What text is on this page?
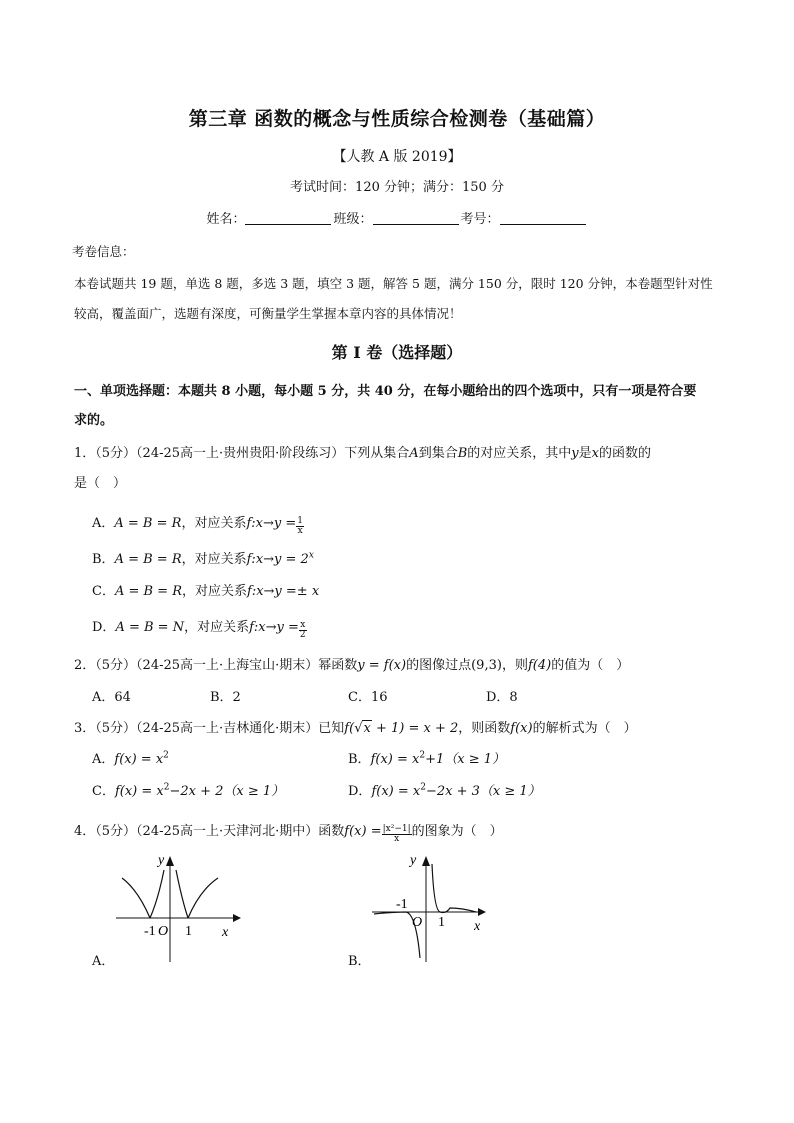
第三章 函数的概念与性质综合检测卷（基础篇）
【人教 A 版 2019】
考试时间：120 分钟；满分：150 分
姓名：	班级：	考号：
考卷信息：
本卷试题共 19 题，单选 8 题，多选 3 题，填空 3 题，解答 5 题，满分 150 分，限时 120 分钟，本卷题型针对性
较高，覆盖面广，选题有深度，可衡量学生掌握本章内容的具体情况！
第 I 卷（选择题）
一、单项选择题：本题共 8 小题，每小题 5 分，共 40 分，在每小题给出的四个选项中，只有一项是符合要
求的。
1．（5分）（24-25高一上·贵州贵阳·阶段练习）下列从集合A到集合B的对应关系，其中y是x的函数的
是（　）
A．A = B = R，对应关系f:x→y = $\frac{1}{x}$
B．A = B = R，对应关系f:x→y = $2^x$
C．A = B = R，对应关系f:x→y =± x
D．A = B = N，对应关系f:x→y = $\frac{x}{2}$
2．（5分）（24-25高一上·上海宝山·期末）幂函数y = f(x)的图像过点(9,3)，则f(4)的值为（　）
A．64	B．2	C．16	D．8
3．（5分）（24-25高一上·吉林通化·期末）已知f(√x + 1) = x + 2，则函数f(x)的解析式为（　）
A．$f(x) = x^2$	B．$f(x) = x^2+1(x \ge 1)$
C．$f(x) = x^2-2x + 2(x \ge 1)$	D．$f(x) = x^2-2x + 3(x \ge 1)$
4．（5分）（24-25高一上·天津河北·期中）函数$f(x) = \frac{\text{|x²−1|}}{x}$ 的图象为（　）
y
x
-1 O 1
A．
y
x
-1
O 1
B．
